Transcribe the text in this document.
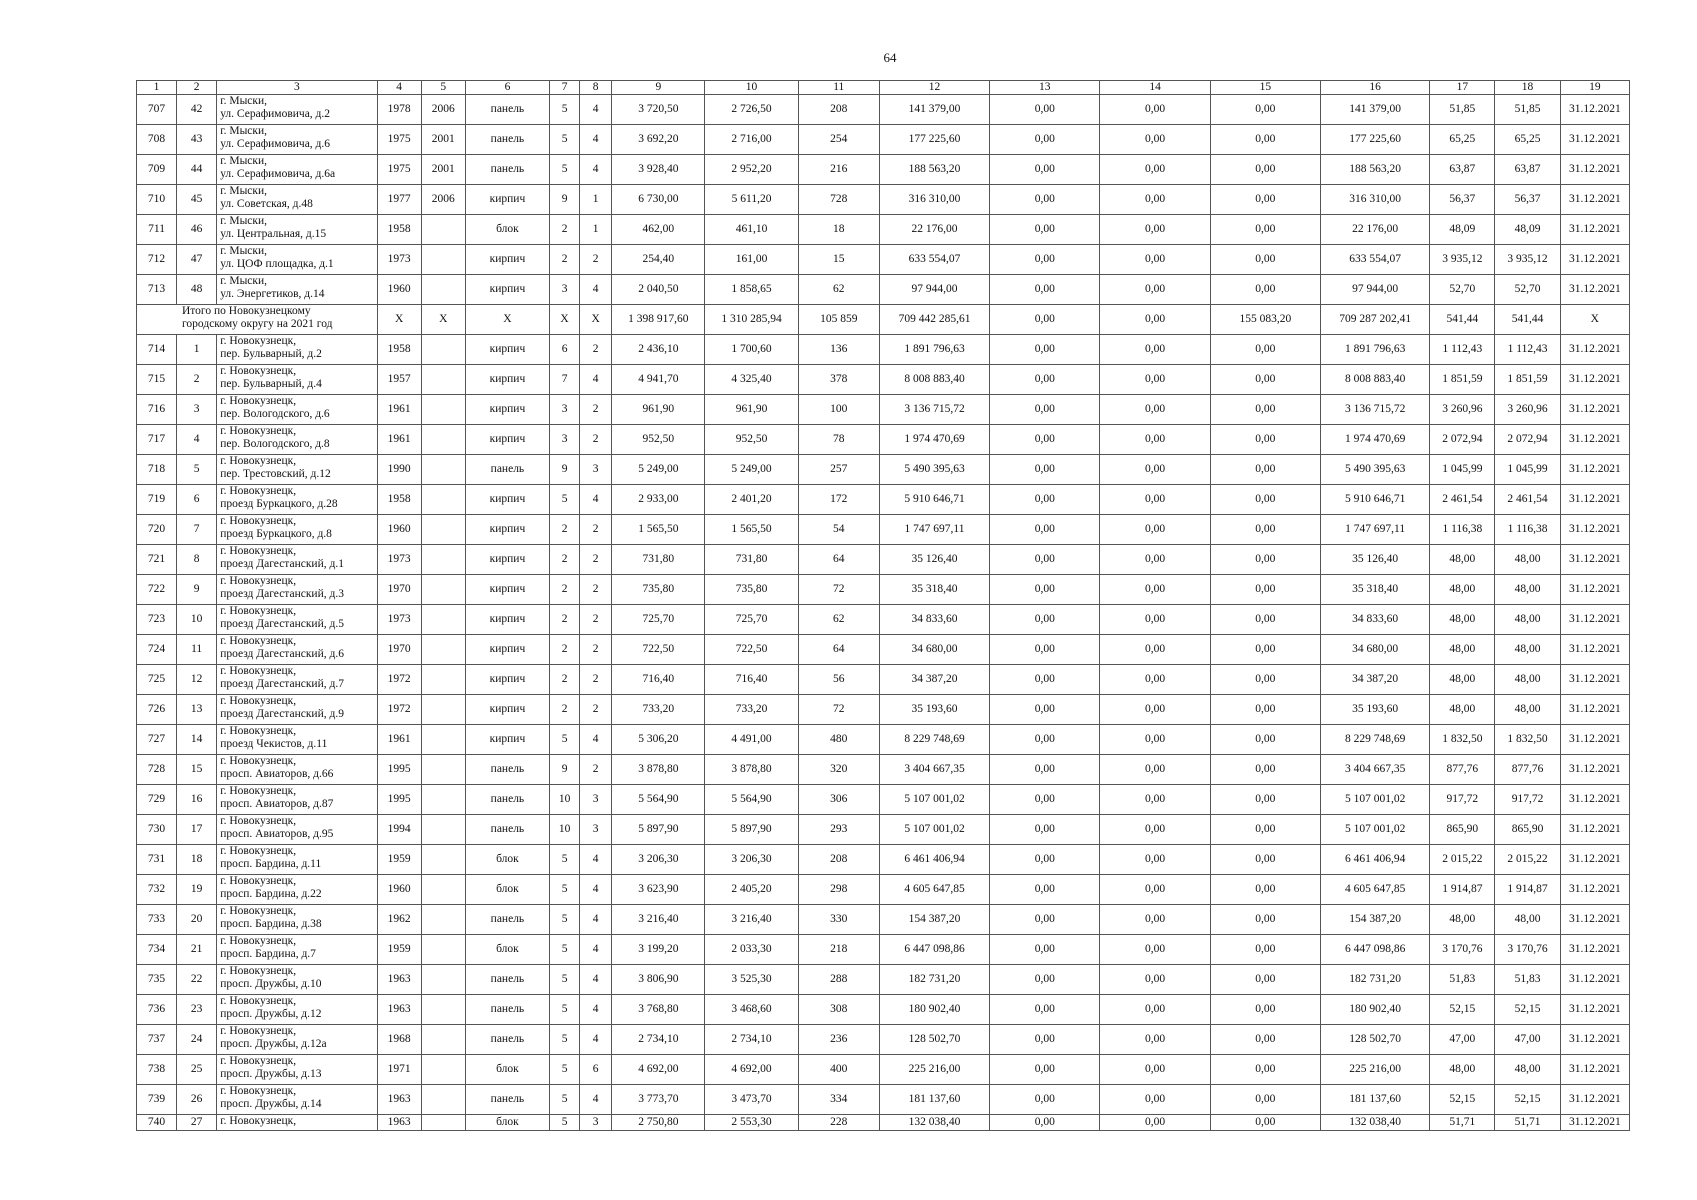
64
1	2	3	4	5	6	7	8	9	10	11	12	13	14	15	16	17	18	19
707	42	г. Мыски,
ул. Серафимовича, д.2	1978	2006	панель	5	4	3 720,50	2 726,50	208	141 379,00	0,00	0,00	0,00	141 379,00	51,85	51,85	31.12.2021
708	43	г. Мыски,
ул. Серафимовича, д.6	1975	2001	панель	5	4	3 692,20	2 716,00	254	177 225,60	0,00	0,00	0,00	177 225,60	65,25	65,25	31.12.2021
709	44	г. Мыски,
ул. Серафимовича, д.6а	1975	2001	панель	5	4	3 928,40	2 952,20	216	188 563,20	0,00	0,00	0,00	188 563,20	63,87	63,87	31.12.2021
710	45	г. Мыски,
ул. Советская, д.48	1977	2006	кирпич	9	1	6 730,00	5 611,20	728	316 310,00	0,00	0,00	0,00	316 310,00	56,37	56,37	31.12.2021
711	46	г. Мыски,
ул. Центральная, д.15	1958		блок	2	1	462,00	461,10	18	22 176,00	0,00	0,00	0,00	22 176,00	48,09	48,09	31.12.2021
712	47	г. Мыски,
ул. ЦОФ площадка, д.1	1973		кирпич	2	2	254,40	161,00	15	633 554,07	0,00	0,00	0,00	633 554,07	3 935,12	3 935,12	31.12.2021
713	48	г. Мыски,
ул. Энергетиков, д.14	1960		кирпич	3	4	2 040,50	1 858,65	62	97 944,00	0,00	0,00	0,00	97 944,00	52,70	52,70	31.12.2021

Итого по Новокузнецкому
городскому округу на 2021 год			X	X	X	X	X	1 398 917,60	1 310 285,94	105 859	709 442 285,61	0,00	0,00	155 083,20	709 287 202,41	541,44	541,44	X
714	1	г. Новокузнецк,
пер. Бульварный, д.2	1958		кирпич	6	2	2 436,10	1 700,60	136	1 891 796,63	0,00	0,00	0,00	1 891 796,63	1 112,43	1 112,43	31.12.2021
715	2	г. Новокузнецк,
пер. Бульварный, д.4	1957		кирпич	7	4	4 941,70	4 325,40	378	8 008 883,40	0,00	0,00	0,00	8 008 883,40	1 851,59	1 851,59	31.12.2021
716	3	г. Новокузнецк,
пер. Вологодского, д.6	1961		кирпич	3	2	961,90	961,90	100	3 136 715,72	0,00	0,00	0,00	3 136 715,72	3 260,96	3 260,96	31.12.2021
717	4	г. Новокузнецк,
пер. Вологодского, д.8	1961		кирпич	3	2	952,50	952,50	78	1 974 470,69	0,00	0,00	0,00	1 974 470,69	2 072,94	2 072,94	31.12.2021
718	5	г. Новокузнецк,
пер. Трестовский, д.12	1990		панель	9	3	5 249,00	5 249,00	257	5 490 395,63	0,00	0,00	0,00	5 490 395,63	1 045,99	1 045,99	31.12.2021
719	6	г. Новокузнецк,
проезд Буркацкого, д.28	1958		кирпич	5	4	2 933,00	2 401,20	172	5 910 646,71	0,00	0,00	0,00	5 910 646,71	2 461,54	2 461,54	31.12.2021
720	7	г. Новокузнецк,
проезд Буркацкого, д.8	1960		кирпич	2	2	1 565,50	1 565,50	54	1 747 697,11	0,00	0,00	0,00	1 747 697,11	1 116,38	1 116,38	31.12.2021
721	8	г. Новокузнецк,
проезд Дагестанский, д.1	1973		кирпич	2	2	731,80	731,80	64	35 126,40	0,00	0,00	0,00	35 126,40	48,00	48,00	31.12.2021
722	9	г. Новокузнецк,
проезд Дагестанский, д.3	1970		кирпич	2	2	735,80	735,80	72	35 318,40	0,00	0,00	0,00	35 318,40	48,00	48,00	31.12.2021
723	10	г. Новокузнецк,
проезд Дагестанский, д.5	1973		кирпич	2	2	725,70	725,70	62	34 833,60	0,00	0,00	0,00	34 833,60	48,00	48,00	31.12.2021
724	11	г. Новокузнецк,
проезд Дагестанский, д.6	1970		кирпич	2	2	722,50	722,50	64	34 680,00	0,00	0,00	0,00	34 680,00	48,00	48,00	31.12.2021
725	12	г. Новокузнецк,
проезд Дагестанский, д.7	1972		кирпич	2	2	716,40	716,40	56	34 387,20	0,00	0,00	0,00	34 387,20	48,00	48,00	31.12.2021
726	13	г. Новокузнецк,
проезд Дагестанский, д.9	1972		кирпич	2	2	733,20	733,20	72	35 193,60	0,00	0,00	0,00	35 193,60	48,00	48,00	31.12.2021
727	14	г. Новокузнецк,
проезд Чекистов, д.11	1961		кирпич	5	4	5 306,20	4 491,00	480	8 229 748,69	0,00	0,00	0,00	8 229 748,69	1 832,50	1 832,50	31.12.2021
728	15	г. Новокузнецк,
просп. Авиаторов, д.66	1995		панель	9	2	3 878,80	3 878,80	320	3 404 667,35	0,00	0,00	0,00	3 404 667,35	877,76	877,76	31.12.2021
729	16	г. Новокузнецк,
просп. Авиаторов, д.87	1995		панель	10	3	5 564,90	5 564,90	306	5 107 001,02	0,00	0,00	0,00	5 107 001,02	917,72	917,72	31.12.2021
730	17	г. Новокузнецк,
просп. Авиаторов, д.95	1994		панель	10	3	5 897,90	5 897,90	293	5 107 001,02	0,00	0,00	0,00	5 107 001,02	865,90	865,90	31.12.2021
731	18	г. Новокузнецк,
просп. Бардина, д.11	1959		блок	5	4	3 206,30	3 206,30	208	6 461 406,94	0,00	0,00	0,00	6 461 406,94	2 015,22	2 015,22	31.12.2021
732	19	г. Новокузнецк,
просп. Бардина, д.22	1960		блок	5	4	3 623,90	2 405,20	298	4 605 647,85	0,00	0,00	0,00	4 605 647,85	1 914,87	1 914,87	31.12.2021
733	20	г. Новокузнецк,
просп. Бардина, д.38	1962		панель	5	4	3 216,40	3 216,40	330	154 387,20	0,00	0,00	0,00	154 387,20	48,00	48,00	31.12.2021
734	21	г. Новокузнецк,
просп. Бардина, д.7	1959		блок	5	4	3 199,20	2 033,30	218	6 447 098,86	0,00	0,00	0,00	6 447 098,86	3 170,76	3 170,76	31.12.2021
735	22	г. Новокузнецк,
просп. Дружбы, д.10	1963		панель	5	4	3 806,90	3 525,30	288	182 731,20	0,00	0,00	0,00	182 731,20	51,83	51,83	31.12.2021
736	23	г. Новокузнецк,
просп. Дружбы, д.12	1963		панель	5	4	3 768,80	3 468,60	308	180 902,40	0,00	0,00	0,00	180 902,40	52,15	52,15	31.12.2021
737	24	г. Новокузнецк,
просп. Дружбы, д.12а	1968		панель	5	4	2 734,10	2 734,10	236	128 502,70	0,00	0,00	0,00	128 502,70	47,00	47,00	31.12.2021
738	25	г. Новокузнецк,
просп. Дружбы, д.13	1971		блок	5	6	4 692,00	4 692,00	400	225 216,00	0,00	0,00	0,00	225 216,00	48,00	48,00	31.12.2021
739	26	г. Новокузнецк,
просп. Дружбы, д.14	1963		панель	5	4	3 773,70	3 473,70	334	181 137,60	0,00	0,00	0,00	181 137,60	52,15	52,15	31.12.2021
740	27	г. Новокузнецк,	1963		блок	5	3	2 750,80	2 553,30	228	132 038,40	0,00	0,00	0,00	132 038,40	51,71	51,71	31.12.2021
